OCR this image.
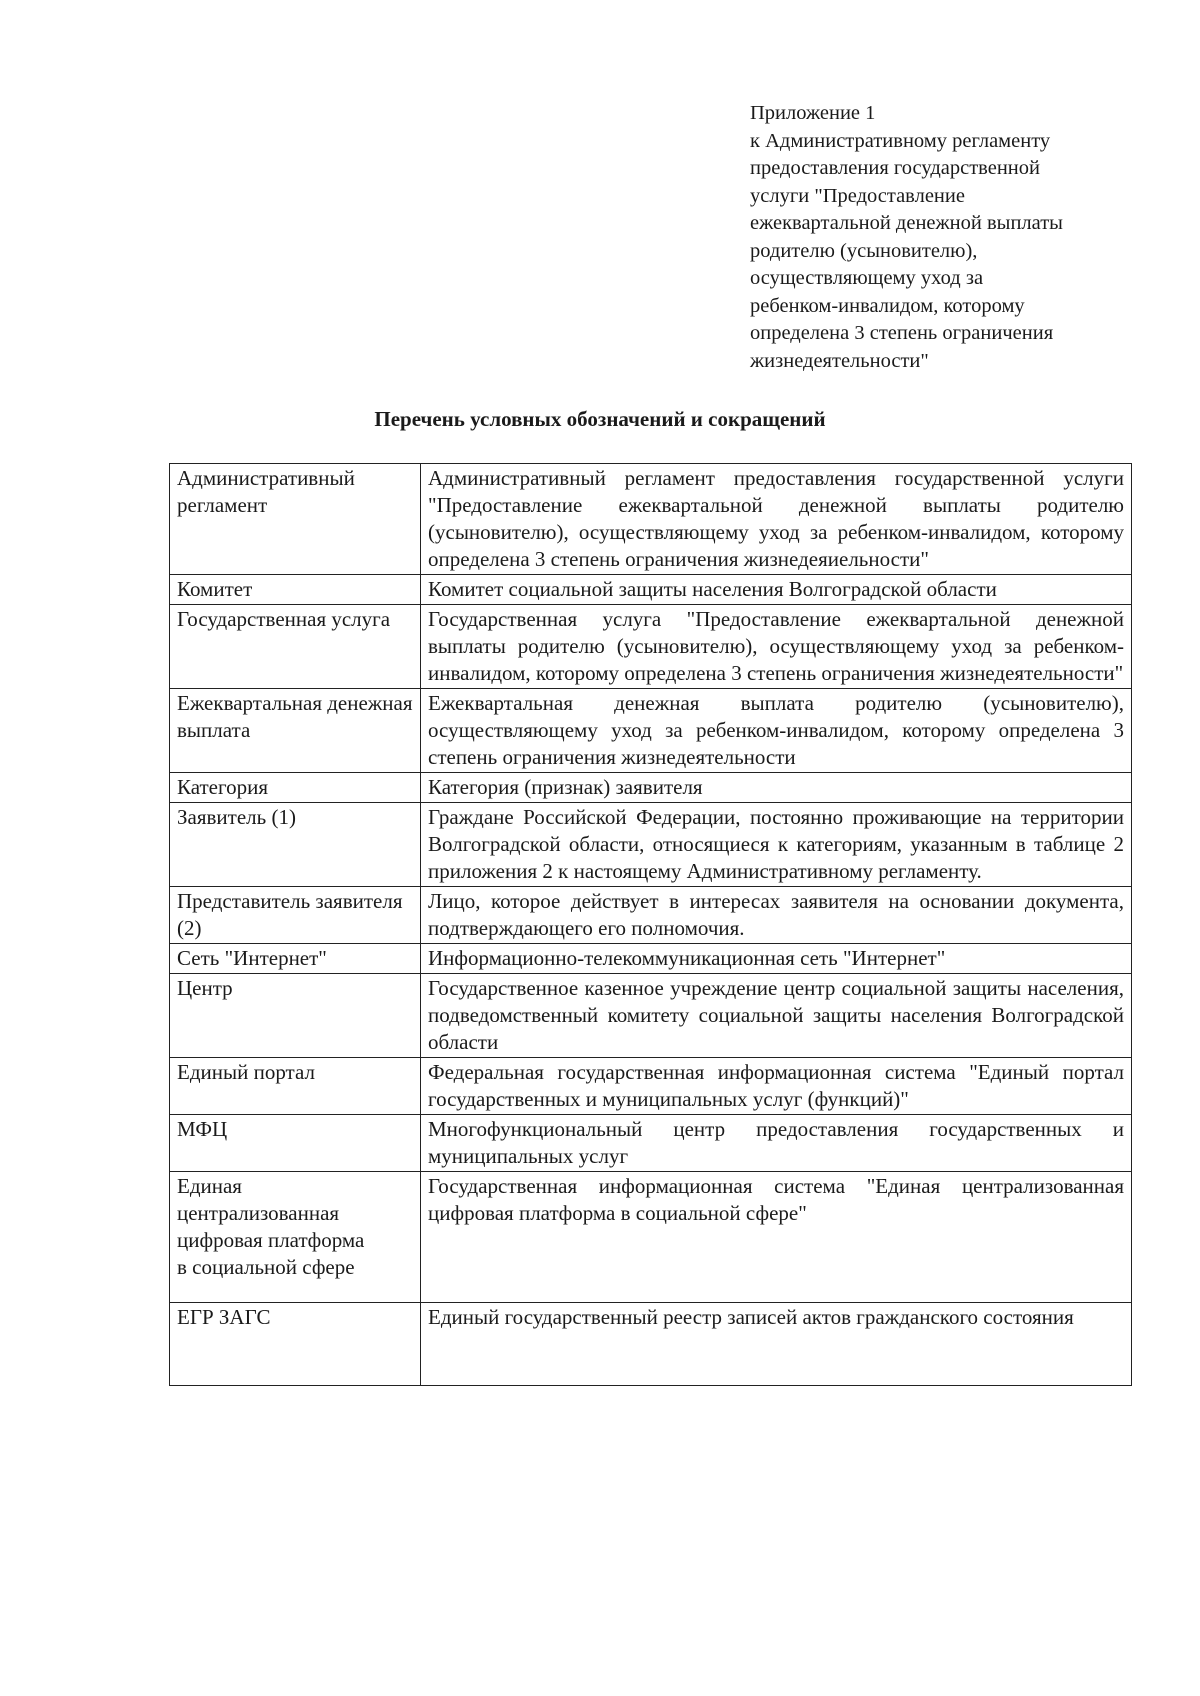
Приложение 1
к Административному регламенту
предоставления государственной
услуги "Предоставление
ежеквартальной денежной выплаты
родителю (усыновителю),
осуществляющему уход за
ребенком-инвалидом, которому
определена 3 степень ограничения
жизнедеятельности"
Перечень условных обозначений и сокращений
Административный регламент	Административный регламент предоставления государственной услуги "Предоставление ежеквартальной денежной выплаты родителю (усыновителю), осуществляющему уход за ребенком-инвалидом, которому определена 3 степень ограничения жизнедеяиельности"
Комитет	Комитет социальной защиты населения Волгоградской области
Государственная услуга	Государственная услуга "Предоставление ежеквартальной денежной выплаты родителю (усыновителю), осуществляющему уход за ребенком-инвалидом, которому определена 3 степень ограничения жизнедеятельности"
Ежеквартальная денежная выплата	Ежеквартальная денежная выплата родителю (усыновителю), осуществляющему уход за ребенком-инвалидом, которому определена 3 степень ограничения жизнедеятельности
Категория	Категория (признак) заявителя
Заявитель (1)	Граждане Российской Федерации, постоянно проживающие на территории Волгоградской области, относящиеся к категориям, указанным в таблице 2 приложения 2 к настоящему Административному регламенту.
Представитель заявителя (2)	Лицо, которое действует в интересах заявителя на основании документа, подтверждающего его полномочия.
Сеть "Интернет"	Информационно-телекоммуникационная сеть "Интернет"
Центр	Государственное казенное учреждение центр социальной защиты населения, подведомственный комитету социальной защиты населения Волгоградской области
Единый портал	Федеральная государственная информационная система "Единый портал государственных и муниципальных услуг (функций)"
МФЦ	Многофункциональный центр предоставления государственных и муниципальных услуг

Единая
централизованная
цифровая платформа
в социальной сфере	Государственная информационная система "Единая централизованная цифровая платформа в социальной сфере"
ЕГР ЗАГС	Единый государственный реестр записей актов гражданского состояния
